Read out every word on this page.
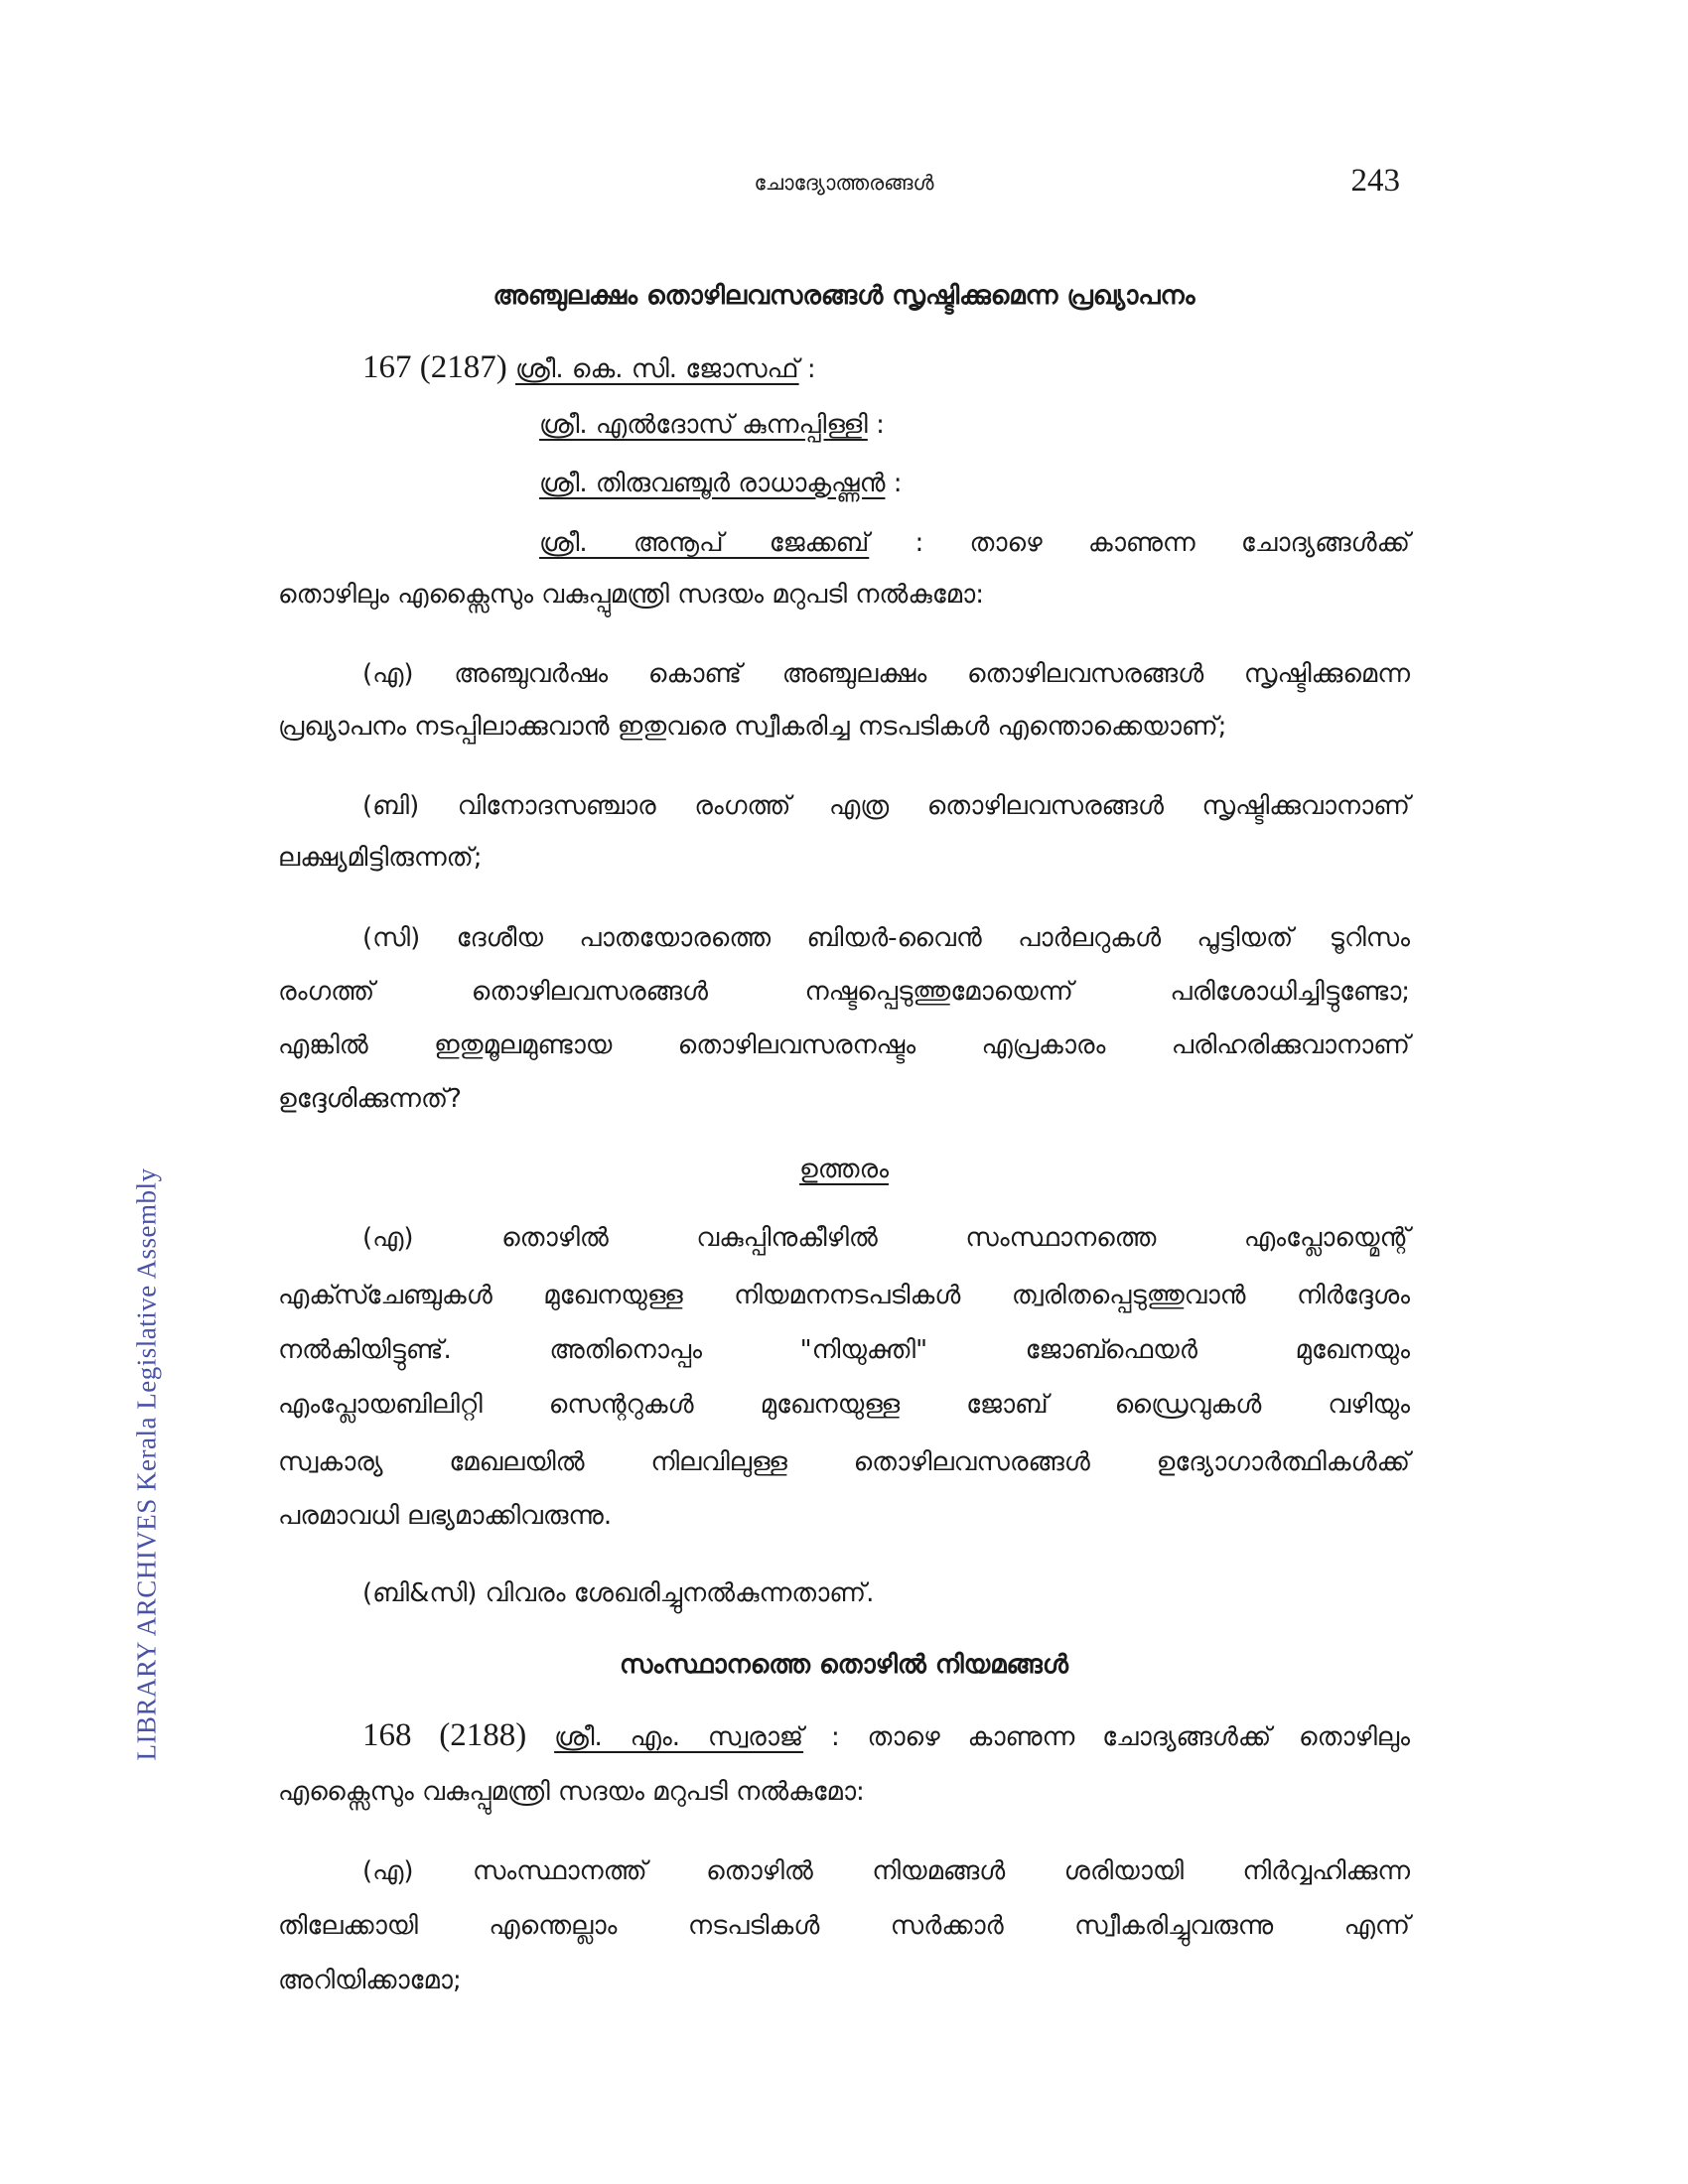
LIBRARY ARCHIVES Kerala Legislative Assembly
ചോദ്യോത്തരങ്ങൾ	243
അഞ്ചുലക്ഷം തൊഴിലവസരങ്ങൾ സൃഷ്ടിക്കുമെന്ന പ്രഖ്യാപനം
167 (2187) ശ്രീ. കെ. സി. ജോസഫ് :
ശ്രീ. എൽദോസ് കുന്നപ്പിള്ളി :
ശ്രീ. തിരുവഞ്ചൂർ രാധാകൃഷ്ണൻ :
ശ്രീ. അനൂപ് ജേക്കബ് : താഴെ കാണുന്ന ചോദ്യങ്ങൾക്ക്
തൊഴിലും എക്സൈസും വകുപ്പുമന്ത്രി സദയം മറുപടി നൽകുമോ:
(എ) അഞ്ചുവർഷം കൊണ്ട് അഞ്ചുലക്ഷം തൊഴിലവസരങ്ങൾ സൃഷ്ടിക്കുമെന്ന
പ്രഖ്യാപനം നടപ്പിലാക്കുവാൻ ഇതുവരെ സ്വീകരിച്ച നടപടികൾ എന്തൊക്കെയാണ്;
(ബി) വിനോദസഞ്ചാര രംഗത്ത് എത്ര തൊഴിലവസരങ്ങൾ സൃഷ്ടിക്കുവാനാണ്
ലക്ഷ്യമിട്ടിരുന്നത്;
(സി) ദേശീയ പാതയോരത്തെ ബിയർ-വൈൻ പാർലറുകൾ പൂട്ടിയത് ടൂറിസം
രംഗത്ത് തൊഴിലവസരങ്ങൾ നഷ്ടപ്പെടുത്തുമോയെന്ന് പരിശോധിച്ചിട്ടുണ്ടോ;
എങ്കിൽ ഇതുമൂലമുണ്ടായ തൊഴിലവസരനഷ്ടം എപ്രകാരം പരിഹരിക്കുവാനാണ്
ഉദ്ദേശിക്കുന്നത്?
ഉത്തരം
(എ) തൊഴിൽ വകുപ്പിനുകീഴിൽ സംസ്ഥാനത്തെ എംപ്ലോയ്മെന്റ്
എക്സ്ചേഞ്ചുകൾ മുഖേനയുള്ള നിയമനനടപടികൾ ത്വരിതപ്പെടുത്തുവാൻ നിർദ്ദേശം
നൽകിയിട്ടുണ്ട്. അതിനൊപ്പം "നിയുക്തി" ജോബ്ഫെയർ മുഖേനയും
എംപ്ലോയബിലിറ്റി സെന്ററുകൾ മുഖേനയുള്ള ജോബ് ഡ്രൈവുകൾ വഴിയും
സ്വകാര്യ മേഖലയിൽ നിലവിലുള്ള തൊഴിലവസരങ്ങൾ ഉദ്യോഗാർത്ഥികൾക്ക്
പരമാവധി ലഭ്യമാക്കിവരുന്നു.
(ബി&സി) വിവരം ശേഖരിച്ചുനൽകുന്നതാണ്.
സംസ്ഥാനത്തെ തൊഴിൽ നിയമങ്ങൾ
168 (2188) ശ്രീ. എം. സ്വരാജ് : താഴെ കാണുന്ന ചോദ്യങ്ങൾക്ക് തൊഴിലും
എക്സൈസും വകുപ്പുമന്ത്രി സദയം മറുപടി നൽകുമോ:
(എ) സംസ്ഥാനത്ത് തൊഴിൽ നിയമങ്ങൾ ശരിയായി നിർവ്വഹിക്കുന്ന
തിലേക്കായി എന്തെല്ലാം നടപടികൾ സർക്കാർ സ്വീകരിച്ചുവരുന്നു എന്ന്
അറിയിക്കാമോ;
